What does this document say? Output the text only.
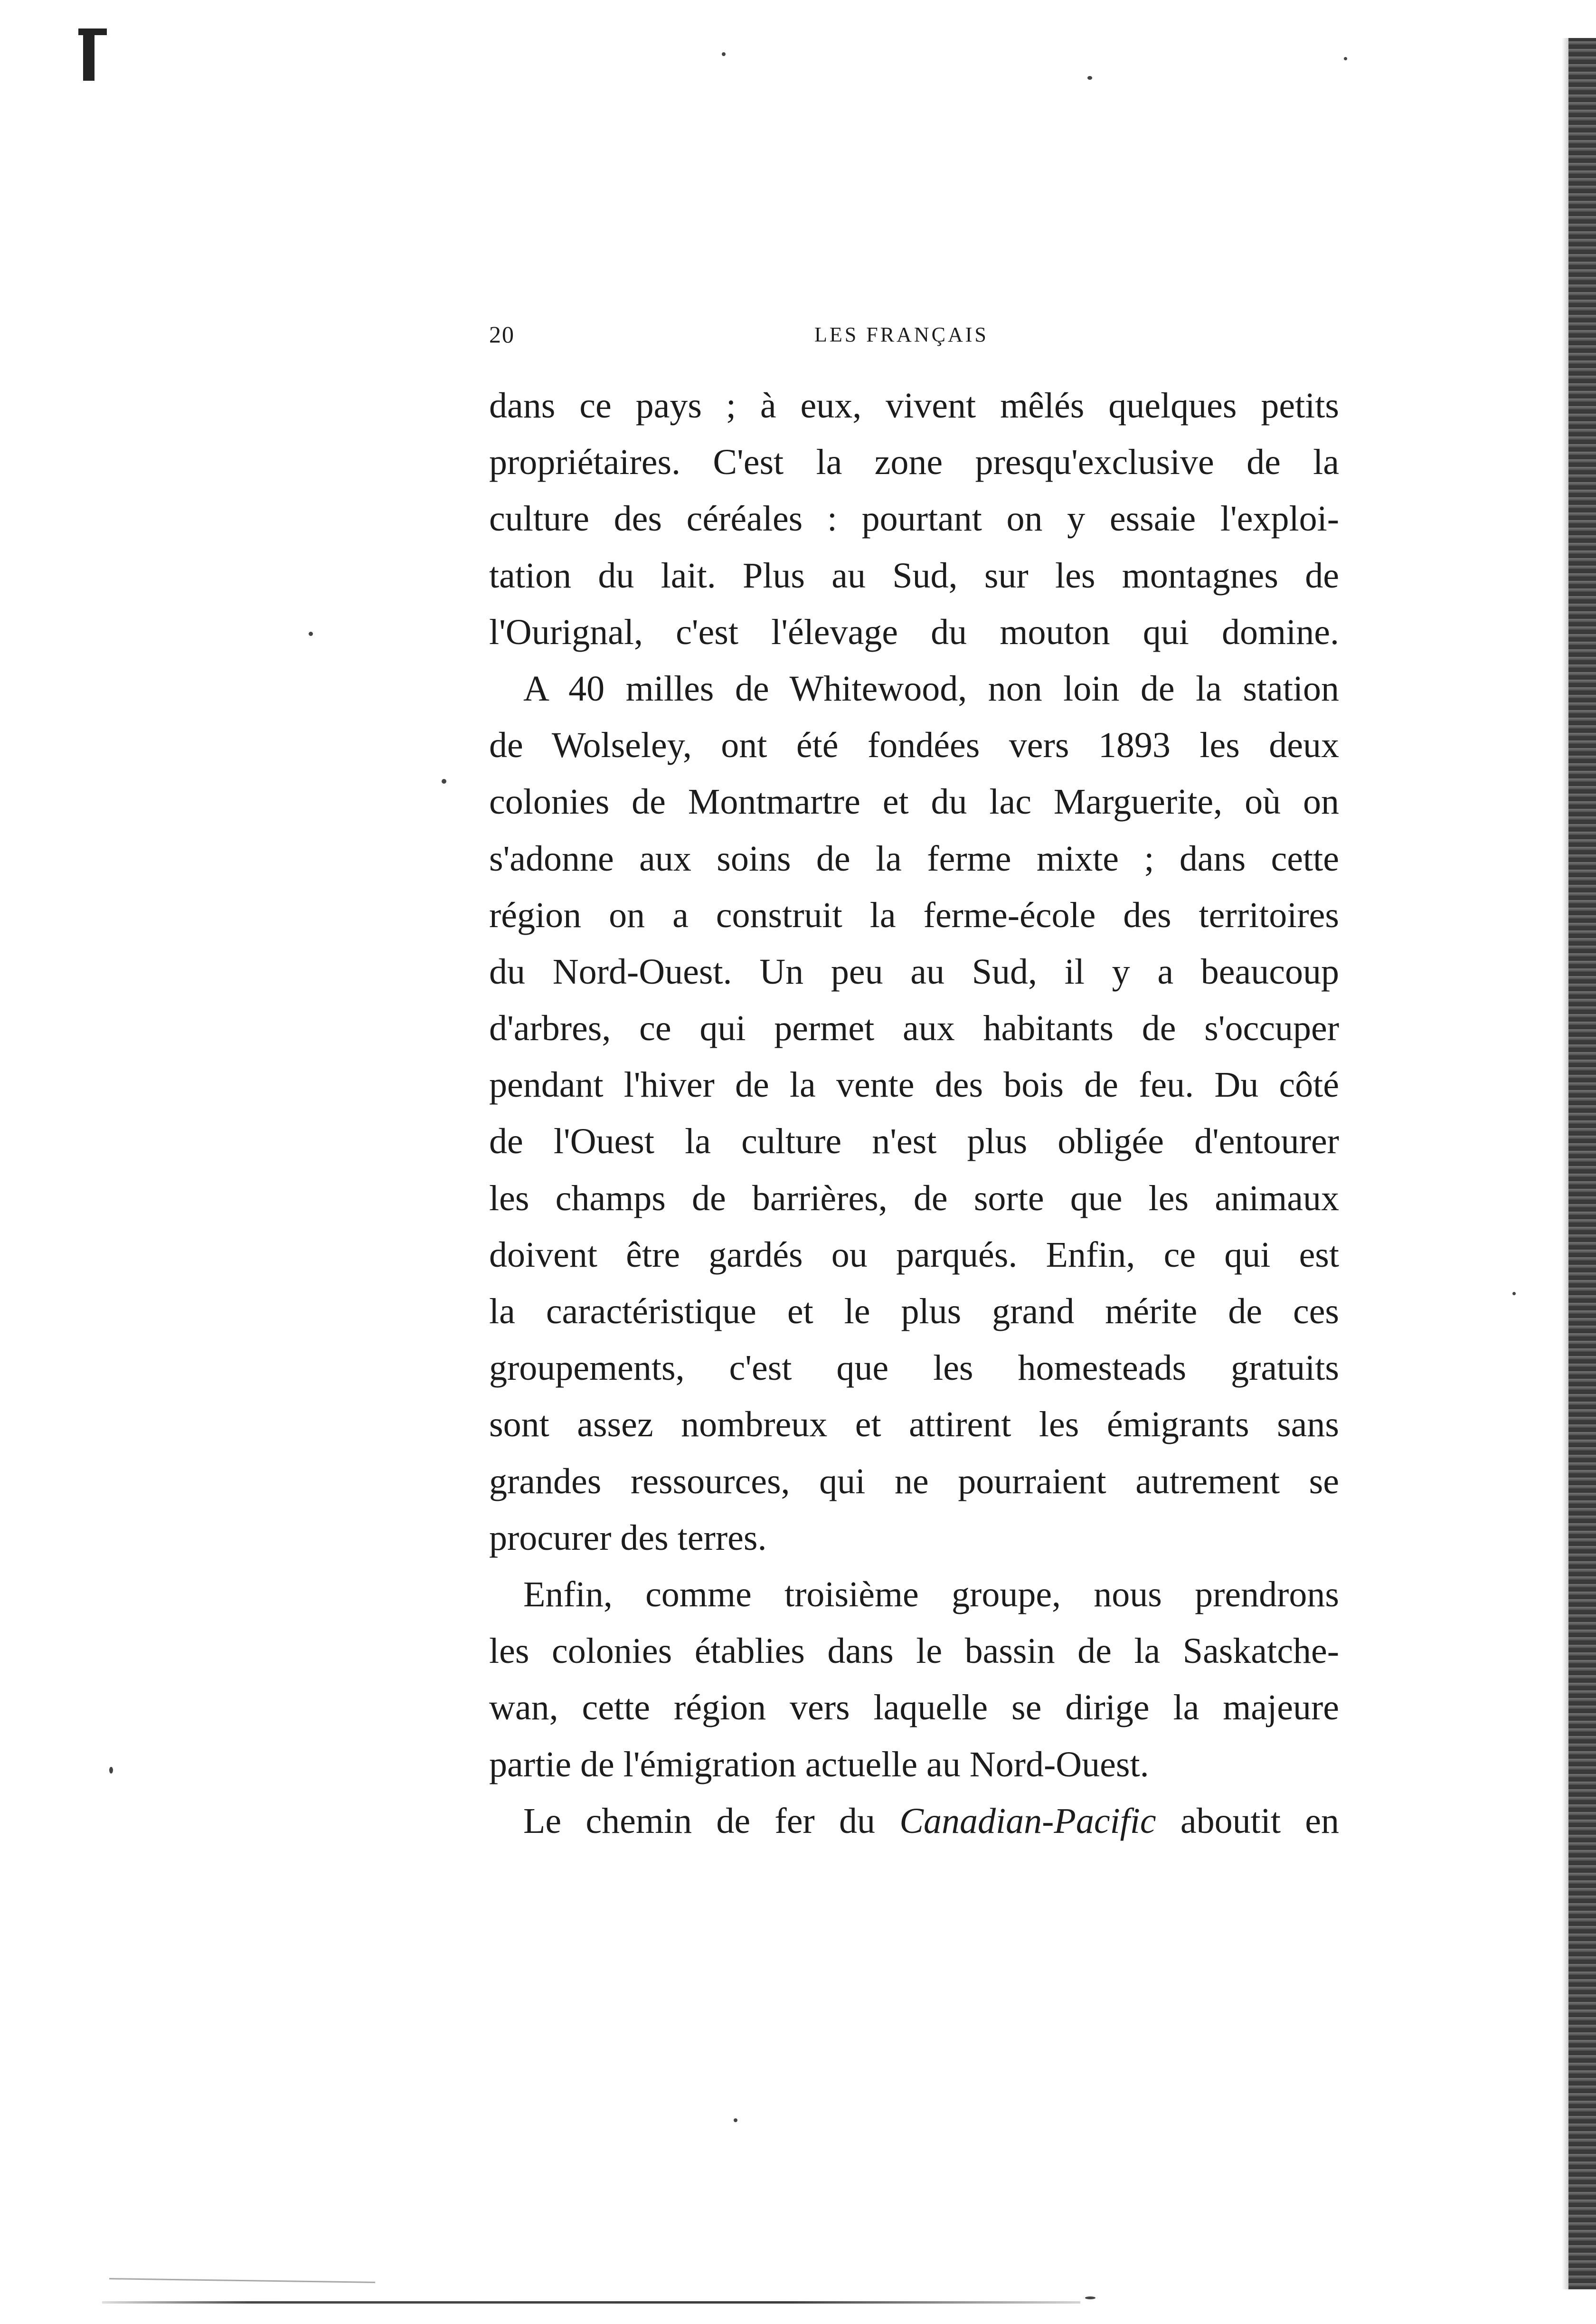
20	LES FRANÇAIS
dans ce pays ; à eux, vivent mêlés quelques petits
propriétaires. C'est la zone presqu'exclusive de la
culture des céréales : pourtant on y essaie l'exploi-
tation du lait. Plus au Sud, sur les montagnes de
l'Ourignal, c'est l'élevage du mouton qui domine.
A 40 milles de Whitewood, non loin de la station
de Wolseley, ont été fondées vers 1893 les deux
colonies de Montmartre et du lac Marguerite, où on
s'adonne aux soins de la ferme mixte ; dans cette
région on a construit la ferme-école des territoires
du Nord-Ouest. Un peu au Sud, il y a beaucoup
d'arbres, ce qui permet aux habitants de s'occuper
pendant l'hiver de la vente des bois de feu. Du côté
de l'Ouest la culture n'est plus obligée d'entourer
les champs de barrières, de sorte que les animaux
doivent être gardés ou parqués. Enfin, ce qui est
la caractéristique et le plus grand mérite de ces
groupements, c'est que les homesteads gratuits
sont assez nombreux et attirent les émigrants sans
grandes ressources, qui ne pourraient autrement se
procurer des terres.
Enfin, comme troisième groupe, nous prendrons
les colonies établies dans le bassin de la Saskatche-
wan, cette région vers laquelle se dirige la majeure
partie de l'émigration actuelle au Nord-Ouest.
Le chemin de fer du Canadian-Pacific aboutit en
